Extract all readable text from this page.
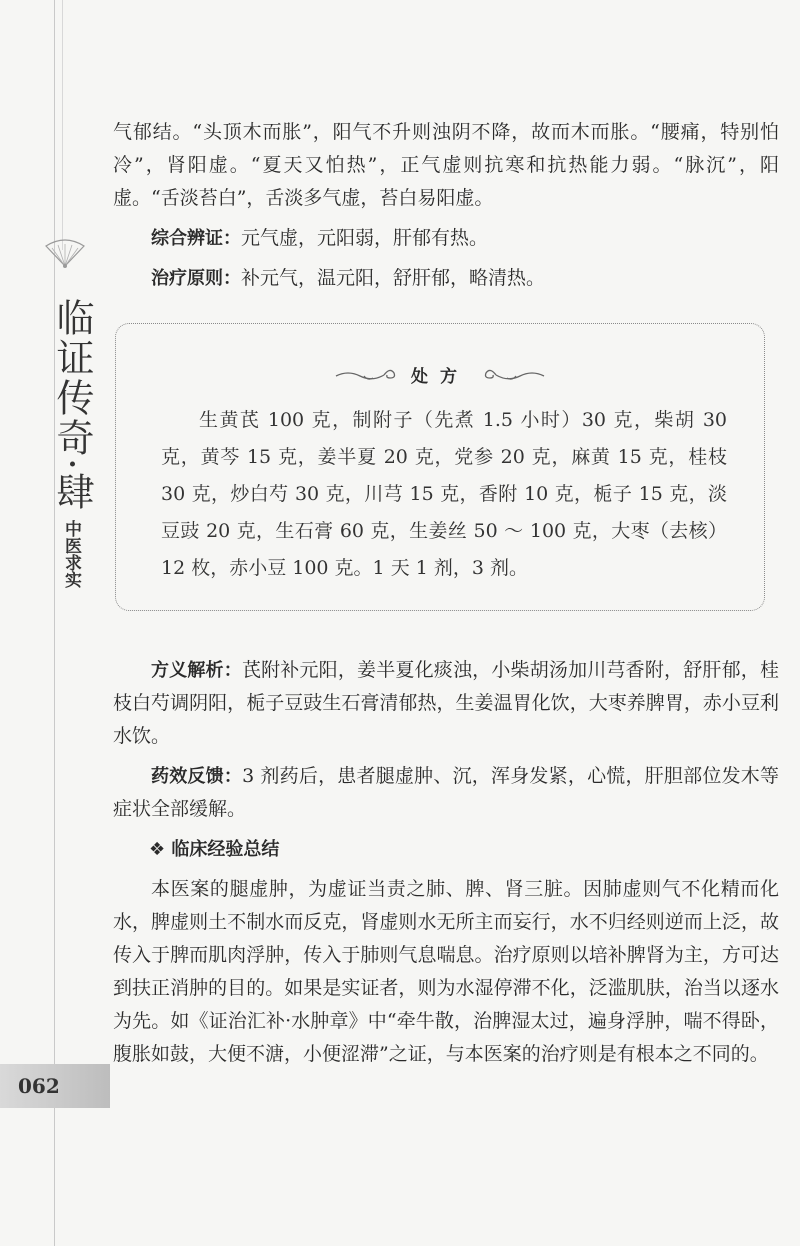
临证传奇·肆
中医求实
062

气郁结。“头顶木而胀”，阳气不升则浊阴不降，故而木而胀。“腰痛，特别怕冷”，肾阳虚。“夏天又怕热”，正气虚则抗寒和抗热能力弱。“脉沉”，阳虚。“舌淡苔白”，舌淡多气虚，苔白易阳虚。

综合辨证：元气虚，元阳弱，肝郁有热。

治疗原则：补元气，温元阳，舒肝郁，略清热。

处方

生黄芪 100 克，制附子（先煮 1.5 小时）30 克，柴胡 30 克，黄芩 15 克，姜半夏 20 克，党参 20 克，麻黄 15 克，桂枝 30 克，炒白芍 30 克，川芎 15 克，香附 10 克，栀子 15 克，淡豆豉 20 克，生石膏 60 克，生姜丝 50 ～ 100 克，大枣（去核）12 枚，赤小豆 100 克。1 天 1 剂，3 剂。

方义解析：芪附补元阳，姜半夏化痰浊，小柴胡汤加川芎香附，舒肝郁，桂枝白芍调阴阳，栀子豆豉生石膏清郁热，生姜温胃化饮，大枣养脾胃，赤小豆利水饮。

药效反馈：3 剂药后，患者腿虚肿、沉，浑身发紧，心慌，肝胆部位发木等症状全部缓解。

❖ 临床经验总结

本医案的腿虚肿，为虚证当责之肺、脾、肾三脏。因肺虚则气不化精而化水，脾虚则土不制水而反克，肾虚则水无所主而妄行，水不归经则逆而上泛，故传入于脾而肌肉浮肿，传入于肺则气息喘息。治疗原则以培补脾肾为主，方可达到扶正消肿的目的。如果是实证者，则为水湿停滞不化，泛滥肌肤，治当以逐水为先。如《证治汇补·水肿章》中“牵牛散，治脾湿太过，遍身浮肿，喘不得卧，腹胀如鼓，大便不溏，小便涩滞”之证，与本医案的治疗则是有根本之不同的。
